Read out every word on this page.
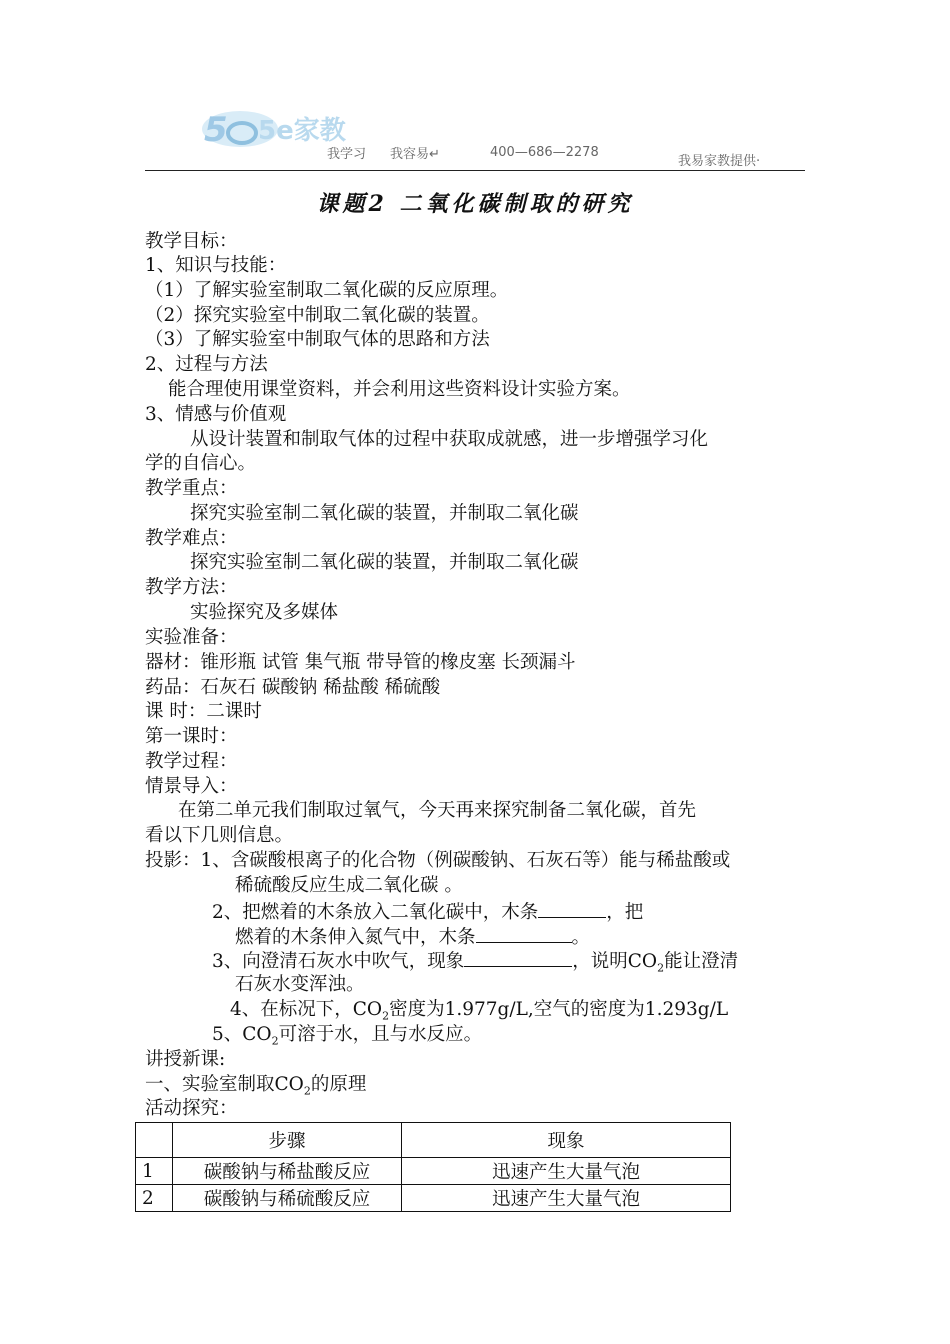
5 5e家教
我学习 我容易↵	400—686—2278
我易家教提供·
课题2 二氧化碳制取的研究
教学目标：
1、知识与技能：
（1）了解实验室制取二氧化碳的反应原理。
（2）探究实验室中制取二氧化碳的装置。
（3）了解实验室中制取气体的思路和方法
2、过程与方法
能合理使用课堂资料，并会利用这些资料设计实验方案。
3、情感与价值观
从设计装置和制取气体的过程中获取成就感，进一步增强学习化
学的自信心。
教学重点：
探究实验室制二氧化碳的装置，并制取二氧化碳
教学难点：
探究实验室制二氧化碳的装置，并制取二氧化碳
教学方法：
实验探究及多媒体
实验准备：
器材：锥形瓶 试管 集气瓶 带导管的橡皮塞 长颈漏斗
药品：石灰石 碳酸钠 稀盐酸 稀硫酸
课 时：二课时
第一课时：
教学过程：
情景导入：
在第二单元我们制取过氧气，今天再来探究制备二氧化碳，首先
看以下几则信息。
投影：1、含碳酸根离子的化合物（例碳酸钠、石灰石等）能与稀盐酸或
稀硫酸反应生成二氧化碳 。
2、把燃着的木条放入二氧化碳中，木条	，把
燃着的木条伸入氮气中，木条	。
3、向澄清石灰水中吹气，现象	，说明$CO_2$能让澄清
石灰水变浑浊。
4、在标况下，$CO_2$密度为1.977g/L,空气的密度为1.293g/L
5、$CO_2$可溶于水，且与水反应。
讲授新课:
一、实验室制取$CO_2$的原理
活动探究：
	步骤	现象
1	碳酸钠与稀盐酸反应	迅速产生大量气泡
2	碳酸钠与稀硫酸反应	迅速产生大量气泡
